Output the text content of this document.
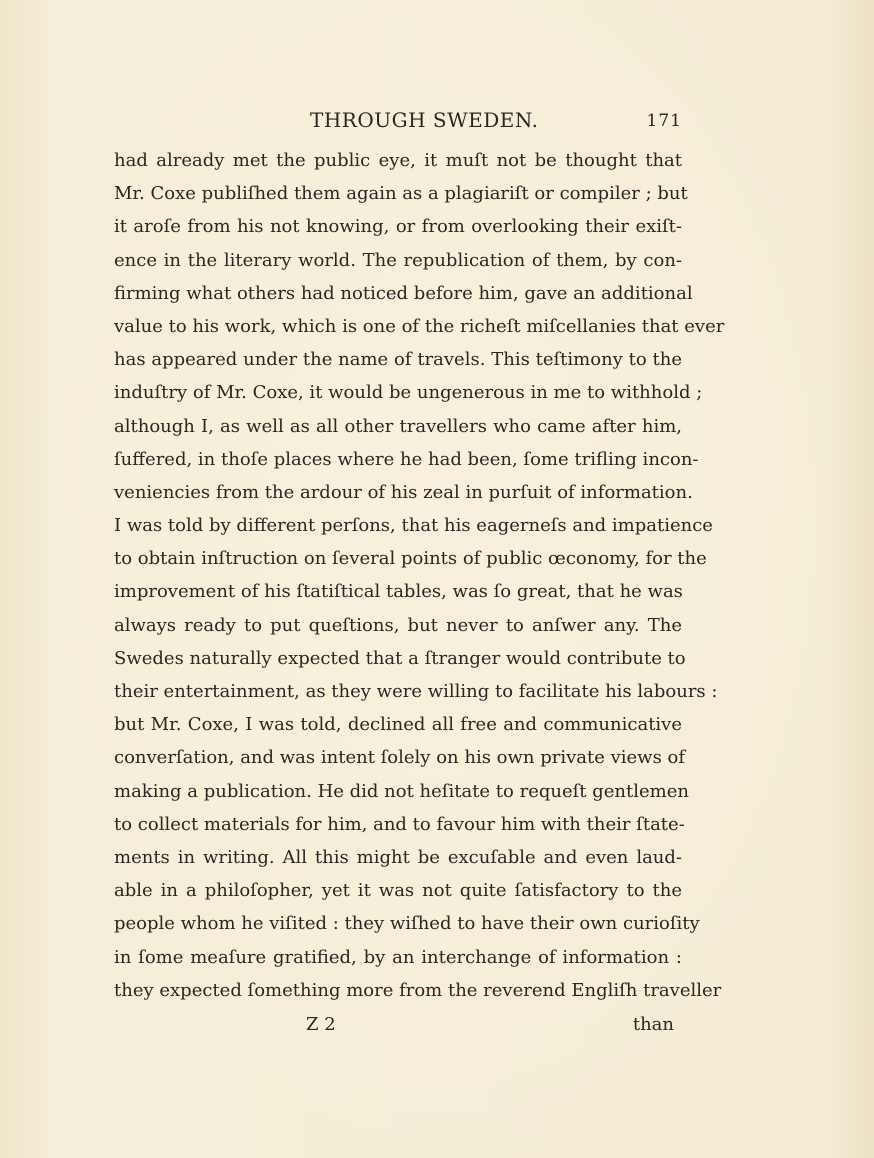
THROUGH SWEDEN.	171
had already met the public eye, it muſt not be thought that
Mr. Coxe publiſhed them again as a plagiariſt or compiler ; but
it aroſe from his not knowing, or from overlooking their exiſt-
ence in the literary world. The republication of them, by con-
firming what others had noticed before him, gave an additional
value to his work, which is one of the richeſt miſcellanies that ever
has appeared under the name of travels. This teſtimony to the
induſtry of Mr. Coxe, it would be ungenerous in me to withhold ;
although I, as well as all other travellers who came after him,
ſuffered, in thoſe places where he had been, ſome trifling incon-
veniencies from the ardour of his zeal in purſuit of information.
I was told by different perſons, that his eagerneſs and impatience
to obtain inſtruction on ſeveral points of public œconomy, for the
improvement of his ſtatiſtical tables, was ſo great, that he was
always ready to put queſtions, but never to anſwer any. The
Swedes naturally expected that a ſtranger would contribute to
their entertainment, as they were willing to facilitate his labours :
but Mr. Coxe, I was told, declined all free and communicative
converſation, and was intent ſolely on his own private views of
making a publication. He did not heſitate to requeſt gentlemen
to collect materials for him, and to favour him with their ſtate-
ments in writing. All this might be excuſable and even laud-
able in a philoſopher, yet it was not quite ſatisfactory to the
people whom he viſited : they wiſhed to have their own curioſity
in ſome meaſure gratified, by an interchange of information :
they expected ſomething more from the reverend Engliſh traveller
Z 2	than
